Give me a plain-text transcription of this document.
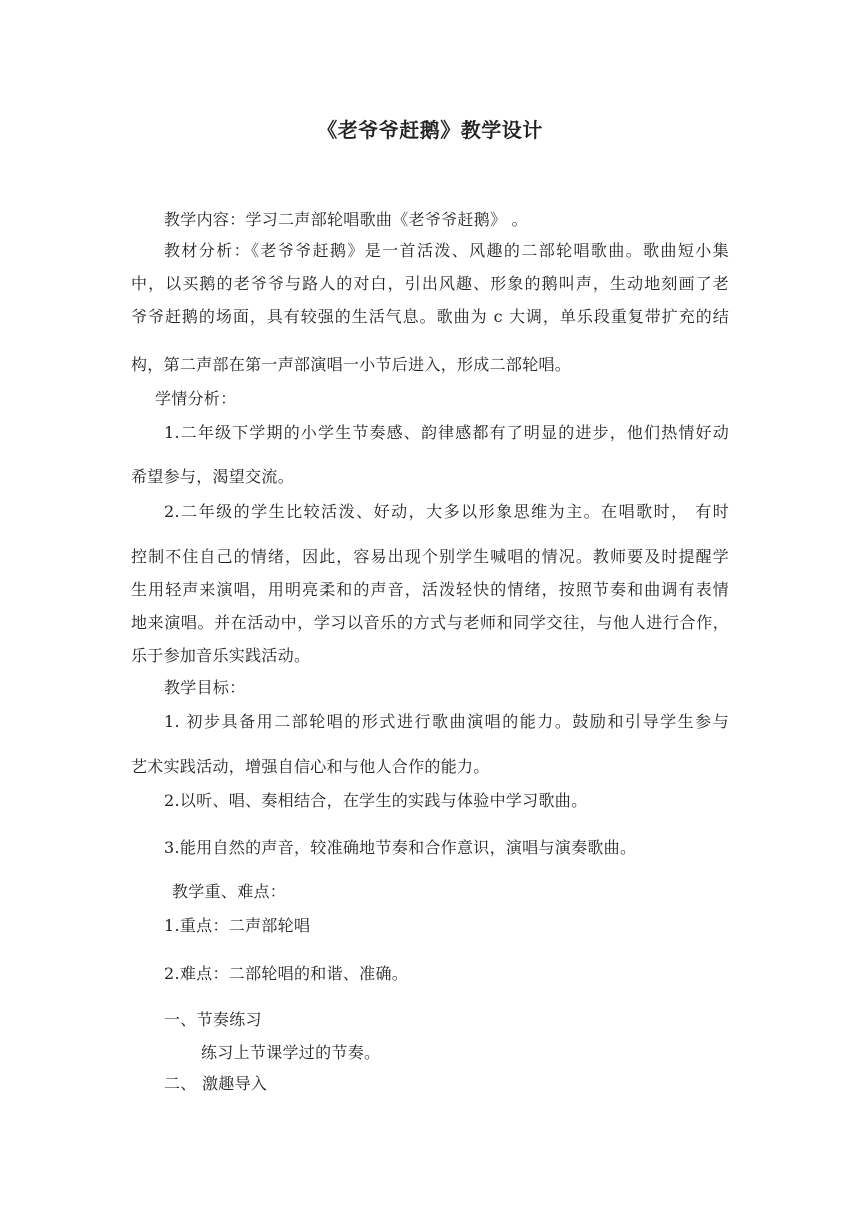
《老爷爷赶鹅》教学设计
教学内容：学习二声部轮唱歌曲《老爷爷赶鹅》 。
教材分析：《老爷爷赶鹅》是一首活泼、风趣的二部轮唱歌曲。歌曲短小集
中，以买鹅的老爷爷与路人的对白，引出风趣、形象的鹅叫声，生动地刻画了老
爷爷赶鹅的场面，具有较强的生活气息。歌曲为 c 大调，单乐段重复带扩充的结
构，第二声部在第一声部演唱一小节后进入，形成二部轮唱。
学情分析：
1.二年级下学期的小学生节奏感、韵律感都有了明显的进步，他们热情好动
希望参与，渴望交流。
2.二年级的学生比较活泼、好动，大多以形象思维为主。在唱歌时， 有时
控制不住自己的情绪，因此，容易出现个别学生喊唱的情况。教师要及时提醒学
生用轻声来演唱，用明亮柔和的声音，活泼轻快的情绪，按照节奏和曲调有表情
地来演唱。并在活动中，学习以音乐的方式与老师和同学交往，与他人进行合作，
乐于参加音乐实践活动。
教学目标：
1. 初步具备用二部轮唱的形式进行歌曲演唱的能力。鼓励和引导学生参与
艺术实践活动，增强自信心和与他人合作的能力。
2.以听、唱、奏相结合，在学生的实践与体验中学习歌曲。
3.能用自然的声音，较准确地节奏和合作意识，演唱与演奏歌曲。
教学重、难点：
1.重点：二声部轮唱
2.难点：二部轮唱的和谐、准确。
一、节奏练习
练习上节课学过的节奏。
二、 激趣导入
